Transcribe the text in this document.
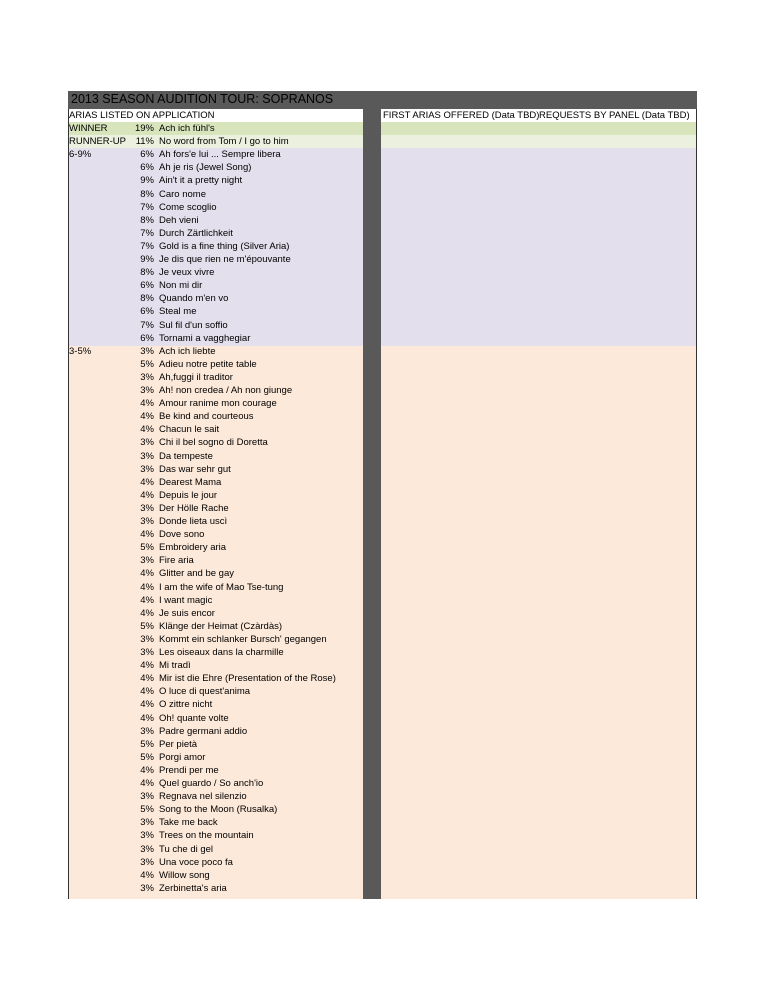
2013 SEASON AUDITION TOUR: SOPRANOS
ARIAS LISTED ON APPLICATION	FIRST ARIAS OFFERED (Data TBD) REQUESTS BY PANEL (Data TBD)
WINNER	19% Ach ich fühl's
RUNNER-UP	11% No word from Tom / I go to him
6-9%	6% Ah fors'e lui ... Sempre libera
6% Ah je ris (Jewel Song)
9% Ain't it a pretty night
8% Caro nome
7% Come scoglio
8% Deh vieni
7% Durch Zärtlichkeit
7% Gold is a fine thing (Silver Aria)
9% Je dis que rien ne m'épouvante
8% Je veux vivre
6% Non mi dir
8% Quando m'en vo
6% Steal me
7% Sul fil d'un soffio
6% Tornami a vagghegiar
3-5%	3% Ach ich liebte
5% Adieu notre petite table
3% Ah,fuggi il traditor
3% Ah! non credea / Ah non giunge
4% Amour ranime mon courage
4% Be kind and courteous
4% Chacun le sait
3% Chi il bel sogno di Doretta
3% Da tempeste
3% Das war sehr gut
4% Dearest Mama
4% Depuis le jour
3% Der Hölle Rache
3% Donde lieta uscì
4% Dove sono
5% Embroidery aria
3% Fire aria
4% Glitter and be gay
4% I am the wife of Mao Tse-tung
4% I want magic
4% Je suis encor
5% Klänge der Heimat (Czàrdàs)
3% Kommt ein schlanker Bursch' gegangen
3% Les oiseaux dans la charmille
4% Mi tradì
4% Mir ist die Ehre (Presentation of the Rose)
4% O luce di quest'anima
4% O zittre nicht
4% Oh! quante volte
3% Padre germani addio
5% Per pietà
5% Porgi amor
4% Prendi per me
4% Quel guardo / So anch'io
3% Regnava nel silenzio
5% Song to the Moon (Rusalka)
3% Take me back
3% Trees on the mountain
3% Tu che di gel
3% Una voce poco fa
4% Willow song
3% Zerbinetta's aria
